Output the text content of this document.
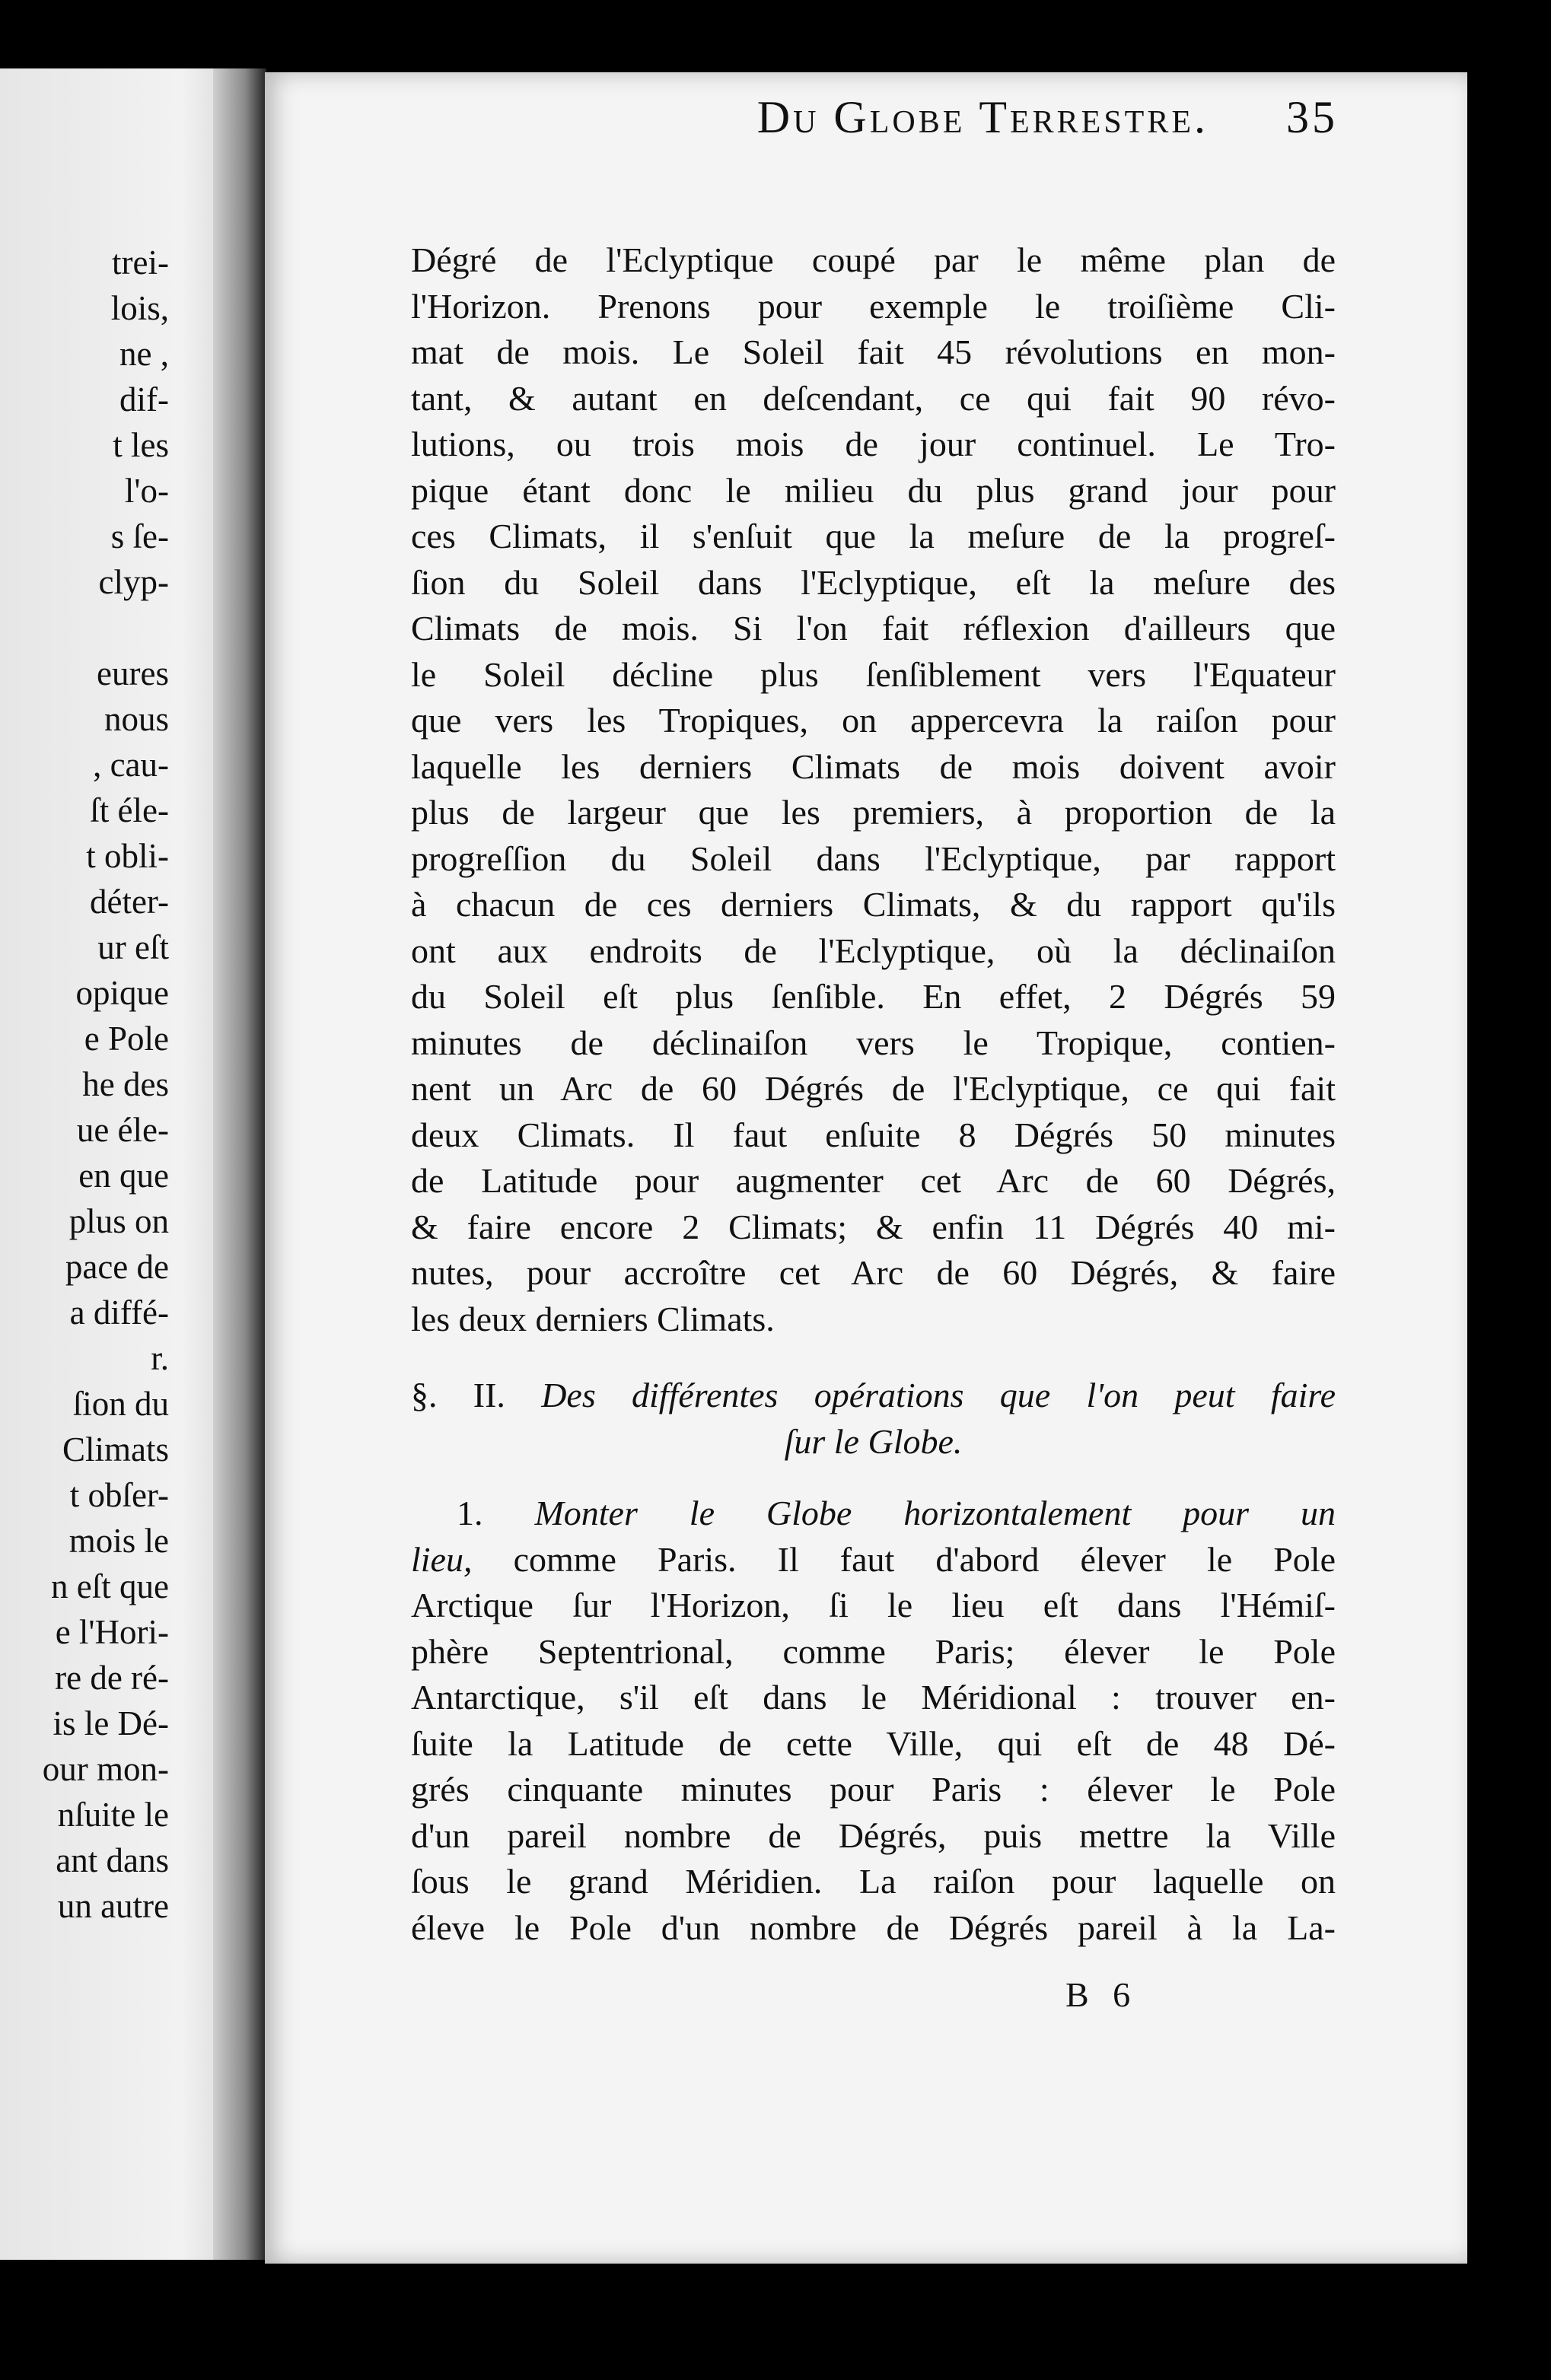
trei-
lois,
ne ,
dif-
t les
l'o-
s ſe-
clyp-
eures
nous
, cau-
ſt éle-
t obli-
déter-
ur eſt
opique
e Pole
he des
ue éle-
en que
plus on
pace de
a diffé-
r.
ſion du
Climats
t obſer-
mois le
n eſt que
e l'Hori-
re de ré-
is le Dé-
our mon-
nſuite le
ant dans
un autre
Du Globe Terrestre. 35
Dégré de l'Eclyptique coupé par le même plan de
l'Horizon. Prenons pour exemple le troiſième Cli-
mat de mois. Le Soleil fait 45 révolutions en mon-
tant, & autant en deſcendant, ce qui fait 90 révo-
lutions, ou trois mois de jour continuel. Le Tro-
pique étant donc le milieu du plus grand jour pour
ces Climats, il s'enſuit que la meſure de la progreſ-
ſion du Soleil dans l'Eclyptique, eſt la meſure des
Climats de mois. Si l'on fait réflexion d'ailleurs que
le Soleil décline plus ſenſiblement vers l'Equateur
que vers les Tropiques, on appercevra la raiſon pour
laquelle les derniers Climats de mois doivent avoir
plus de largeur que les premiers, à proportion de la
progreſſion du Soleil dans l'Eclyptique, par rapport
à chacun de ces derniers Climats, & du rapport qu'ils
ont aux endroits de l'Eclyptique, où la déclinaiſon
du Soleil eſt plus ſenſible. En effet, 2 Dégrés 59
minutes de déclinaiſon vers le Tropique, contien-
nent un Arc de 60 Dégrés de l'Eclyptique, ce qui fait
deux Climats. Il faut enſuite 8 Dégrés 50 minutes
de Latitude pour augmenter cet Arc de 60 Dégrés,
& faire encore 2 Climats; & enfin 11 Dégrés 40 mi-
nutes, pour accroître cet Arc de 60 Dégrés, & faire
les deux derniers Climats.
§. II. Des différentes opérations que l'on peut faire
ſur le Globe.
1. Monter le Globe horizontalement pour un
lieu, comme Paris. Il faut d'abord élever le Pole
Arctique ſur l'Horizon, ſi le lieu eſt dans l'Hémiſ-
phère Septentrional, comme Paris; élever le Pole
Antarctique, s'il eſt dans le Méridional : trouver en-
ſuite la Latitude de cette Ville, qui eſt de 48 Dé-
grés cinquante minutes pour Paris : élever le Pole
d'un pareil nombre de Dégrés, puis mettre la Ville
ſous le grand Méridien. La raiſon pour laquelle on
éleve le Pole d'un nombre de Dégrés pareil à la La-
B 6
